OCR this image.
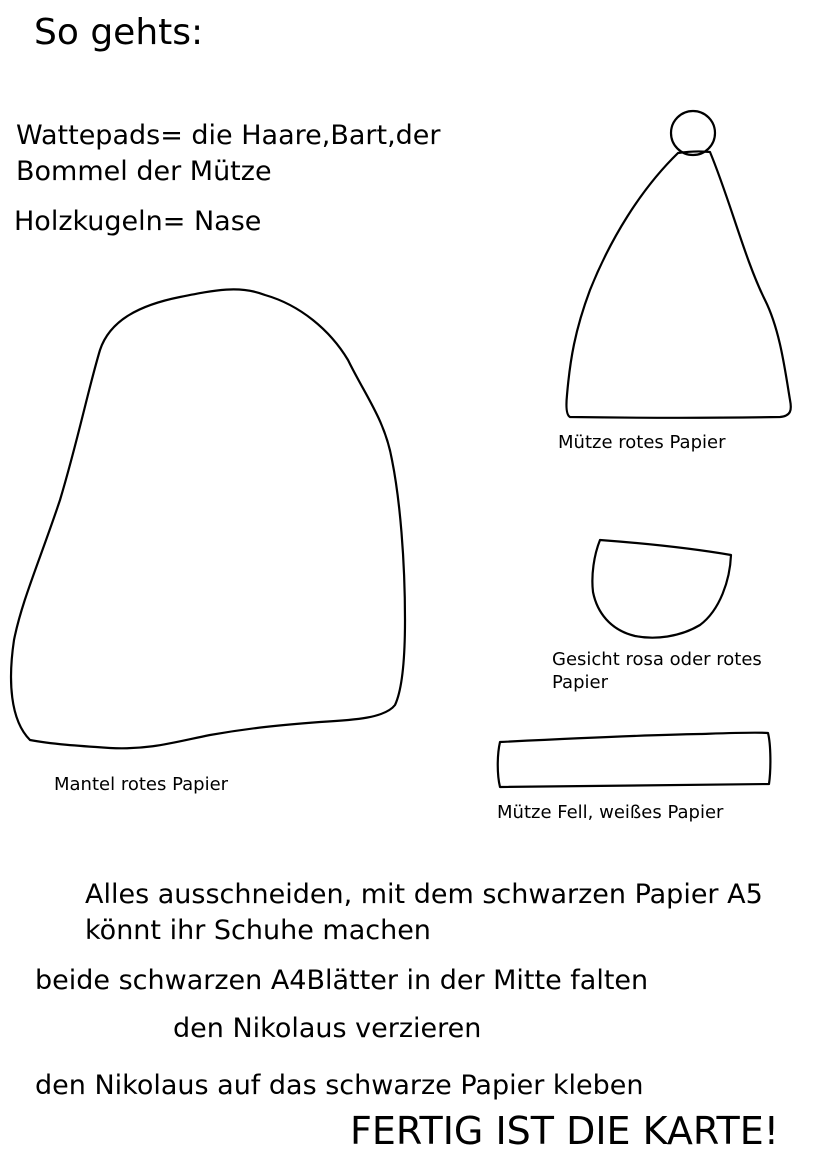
So gehts:
Wattepads= die Haare,Bart,der Bommel der Mütze
Holzkugeln= Nase
Mütze rotes Papier
Gesicht rosa oder rotes Papier
Mantel rotes Papier
Mütze Fell, weißes Papier
Alles ausschneiden, mit dem schwarzen Papier A5 könnt ihr Schuhe machen
beide schwarzen A4Blätter in der Mitte falten
den Nikolaus verzieren
den Nikolaus auf das schwarze Papier kleben
FERTIG IST DIE KARTE!
